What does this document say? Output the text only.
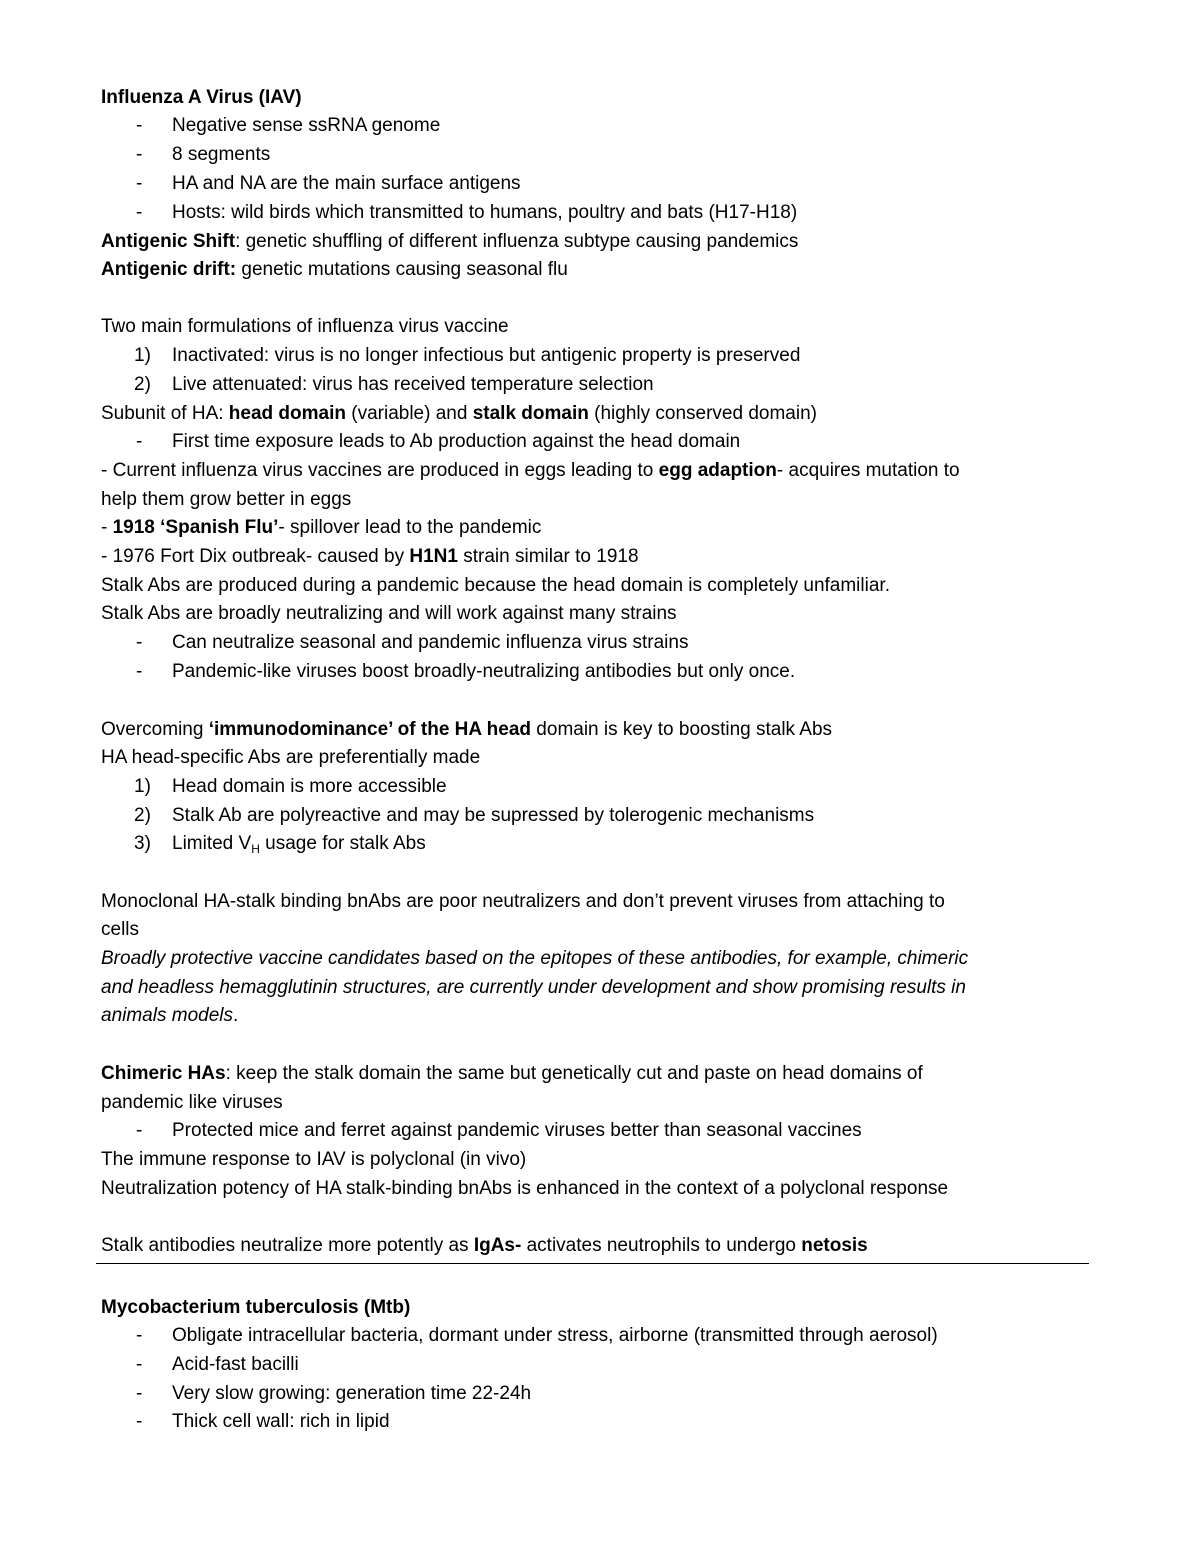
Influenza A Virus (IAV)
- Negative sense ssRNA genome
- 8 segments
- HA and NA are the main surface antigens
- Hosts: wild birds which transmitted to humans, poultry and bats (H17-H18)
Antigenic Shift: genetic shuffling of different influenza subtype causing pandemics
Antigenic drift: genetic mutations causing seasonal flu
Two main formulations of influenza virus vaccine
1) Inactivated: virus is no longer infectious but antigenic property is preserved
2) Live attenuated: virus has received temperature selection
Subunit of HA: head domain (variable) and stalk domain (highly conserved domain)
- First time exposure leads to Ab production against the head domain
- Current influenza virus vaccines are produced in eggs leading to egg adaption- acquires mutation to
help them grow better in eggs
- 1918 ‘Spanish Flu’- spillover lead to the pandemic
- 1976 Fort Dix outbreak- caused by H1N1 strain similar to 1918
Stalk Abs are produced during a pandemic because the head domain is completely unfamiliar.
Stalk Abs are broadly neutralizing and will work against many strains
- Can neutralize seasonal and pandemic influenza virus strains
- Pandemic-like viruses boost broadly-neutralizing antibodies but only once.
Overcoming ‘immunodominance’ of the HA head domain is key to boosting stalk Abs
HA head-specific Abs are preferentially made
1) Head domain is more accessible
2) Stalk Ab are polyreactive and may be supressed by tolerogenic mechanisms
3) Limited $V_H$ usage for stalk Abs
Monoclonal HA-stalk binding bnAbs are poor neutralizers and don’t prevent viruses from attaching to
cells
Broadly protective vaccine candidates based on the epitopes of these antibodies, for example, chimeric
and headless hemagglutinin structures, are currently under development and show promising results in
animals models.
Chimeric HAs: keep the stalk domain the same but genetically cut and paste on head domains of
pandemic like viruses
- Protected mice and ferret against pandemic viruses better than seasonal vaccines
The immune response to IAV is polyclonal (in vivo)
Neutralization potency of HA stalk-binding bnAbs is enhanced in the context of a polyclonal response
Stalk antibodies neutralize more potently as IgAs- activates neutrophils to undergo netosis
Mycobacterium tuberculosis (Mtb)
- Obligate intracellular bacteria, dormant under stress, airborne (transmitted through aerosol)
- Acid-fast bacilli
- Very slow growing: generation time 22-24h
- Thick cell wall: rich in lipid
